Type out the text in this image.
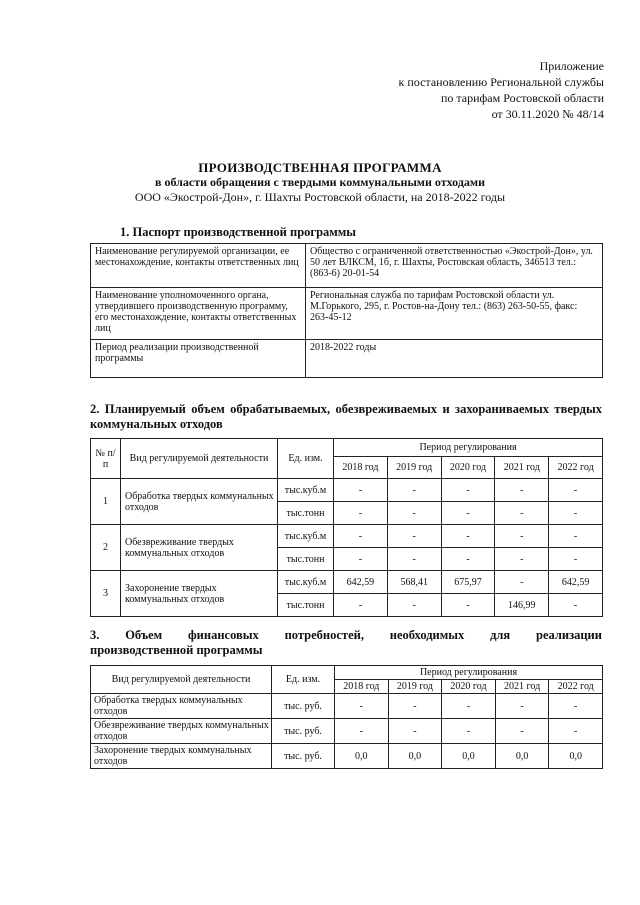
Приложение
к постановлению Региональной службы
по тарифам Ростовской области
от 30.11.2020 № 48/14
ПРОИЗВОДСТВЕННАЯ ПРОГРАММА
в области обращения с твердыми коммунальными отходами
ООО «Экострой-Дон», г. Шахты Ростовской области, на 2018-2022 годы
1. Паспорт производственной программы
Наименование регулируемой организации, ее местонахождение, контакты ответственных лиц	Общество с ограниченной ответственностью «Экострой-Дон», ул. 50 лет ВЛКСМ, 1б, г. Шахты, Ростовская область, 346513 тел.: (863-6) 20-01-54
Наименование уполномоченного органа, утвердившего производственную программу, его местонахождение, контакты ответственных лиц	Региональная служба по тарифам Ростовской области ул. М.Горького, 295, г. Ростов-на-Дону тел.: (863) 263-50-55, факс: 263-45-12
Период реализации производственной программы	2018-2022 годы
2. Планируемый объем обрабатываемых, обезвреживаемых и захораниваемых твердых коммунальных отходов
№ п/п	Вид регулируемой деятельности	Ед. изм.	Период регулирования				
			2018 год	2019 год	2020 год	2021 год	2022 год
1	Обработка твердых коммунальных отходов	тыс.куб.м	-	-	-	-	-
		тыс.тонн	-	-	-	-	-
2	Обезвреживание твердых коммунальных отходов	тыс.куб.м	-	-	-	-	-
		тыс.тонн	-	-	-	-	-
3	Захоронение твердых коммунальных отходов	тыс.куб.м	642,59	568,41	675,97	-	642,59
		тыс.тонн	-	-	-	146,99	-
3. Объем финансовых потребностей, необходимых для реализации
производственной программы
Вид регулируемой деятельности	Ед. изм.	Период регулирования				
		2018 год	2019 год	2020 год	2021 год	2022 год
Обработка твердых коммунальных отходов	тыс. руб.	-	-	-	-	-
Обезвреживание твердых коммунальных отходов	тыс. руб.	-	-	-	-	-
Захоронение твердых коммунальных отходов	тыс. руб.	0,0	0,0	0,0	0,0	0,0
